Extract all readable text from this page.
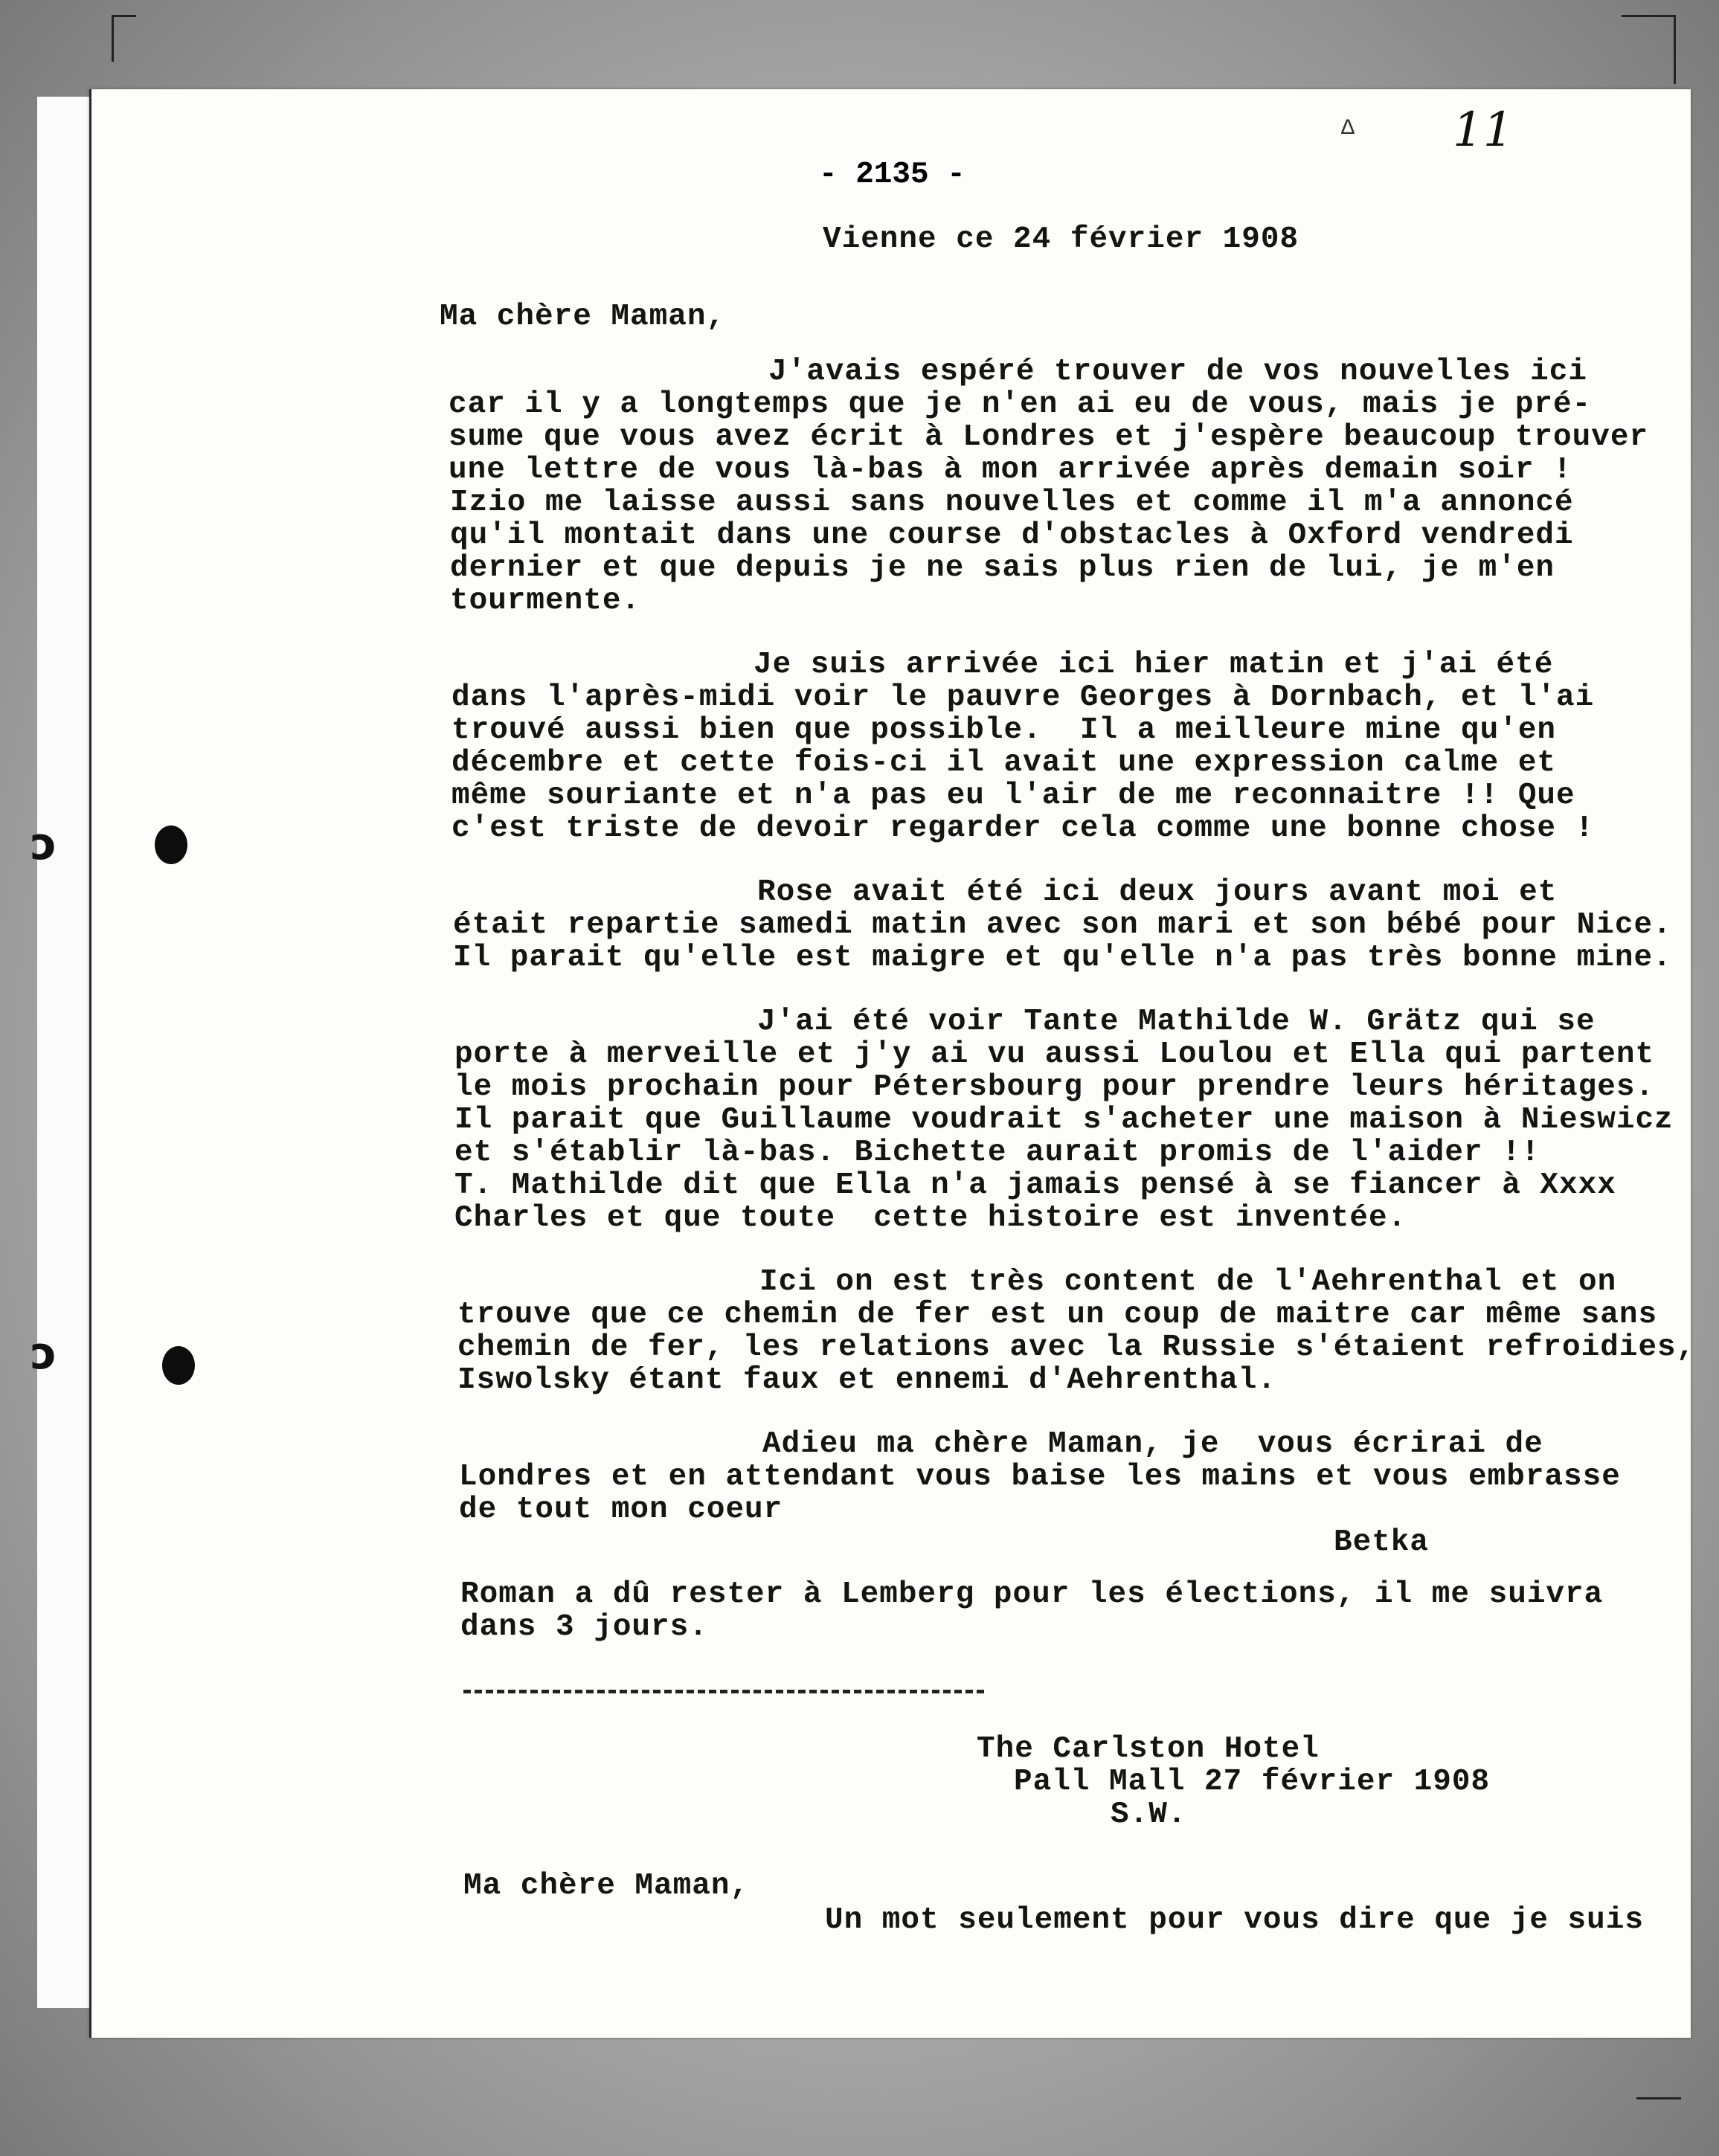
ɔ
ɔ
Δ 11
- 2135 -
Vienne ce 24 février 1908
Ma chère Maman,
J'avais espéré trouver de vos nouvelles ici
car il y a longtemps que je n'en ai eu de vous, mais je pré-
sume que vous avez écrit à Londres et j'espère beaucoup trouver
une lettre de vous là-bas à mon arrivée après demain soir !
Izio me laisse aussi sans nouvelles et comme il m'a annoncé
qu'il montait dans une course d'obstacles à Oxford vendredi
dernier et que depuis je ne sais plus rien de lui, je m'en
tourmente.
Je suis arrivée ici hier matin et j'ai été
dans l'après-midi voir le pauvre Georges à Dornbach, et l'ai
trouvé aussi bien que possible.  Il a meilleure mine qu'en
décembre et cette fois-ci il avait une expression calme et
même souriante et n'a pas eu l'air de me reconnaitre !! Que
c'est triste de devoir regarder cela comme une bonne chose !
Rose avait été ici deux jours avant moi et
était repartie samedi matin avec son mari et son bébé pour Nice.
Il parait qu'elle est maigre et qu'elle n'a pas très bonne mine.
J'ai été voir Tante Mathilde W. Grätz qui se
porte à merveille et j'y ai vu aussi Loulou et Ella qui partent
le mois prochain pour Pétersbourg pour prendre leurs héritages.
Il parait que Guillaume voudrait s'acheter une maison à Nieswicz
et s'établir là-bas. Bichette aurait promis de l'aider !!
T. Mathilde dit que Ella n'a jamais pensé à se fiancer à Xxxx
Charles et que toute  cette histoire est inventée.
Ici on est très content de l'Aehrenthal et on
trouve que ce chemin de fer est un coup de maitre car même sans
chemin de fer, les relations avec la Russie s'étaient refroidies,
Iswolsky étant faux et ennemi d'Aehrenthal.
Adieu ma chère Maman, je  vous écrirai de
Londres et en attendant vous baise les mains et vous embrasse
de tout mon coeur
Betka
Roman a dû rester à Lemberg pour les élections, il me suivra
dans 3 jours.
The Carlston Hotel
Pall Mall 27 février 1908
S.W.
Ma chère Maman,
Un mot seulement pour vous dire que je suis
